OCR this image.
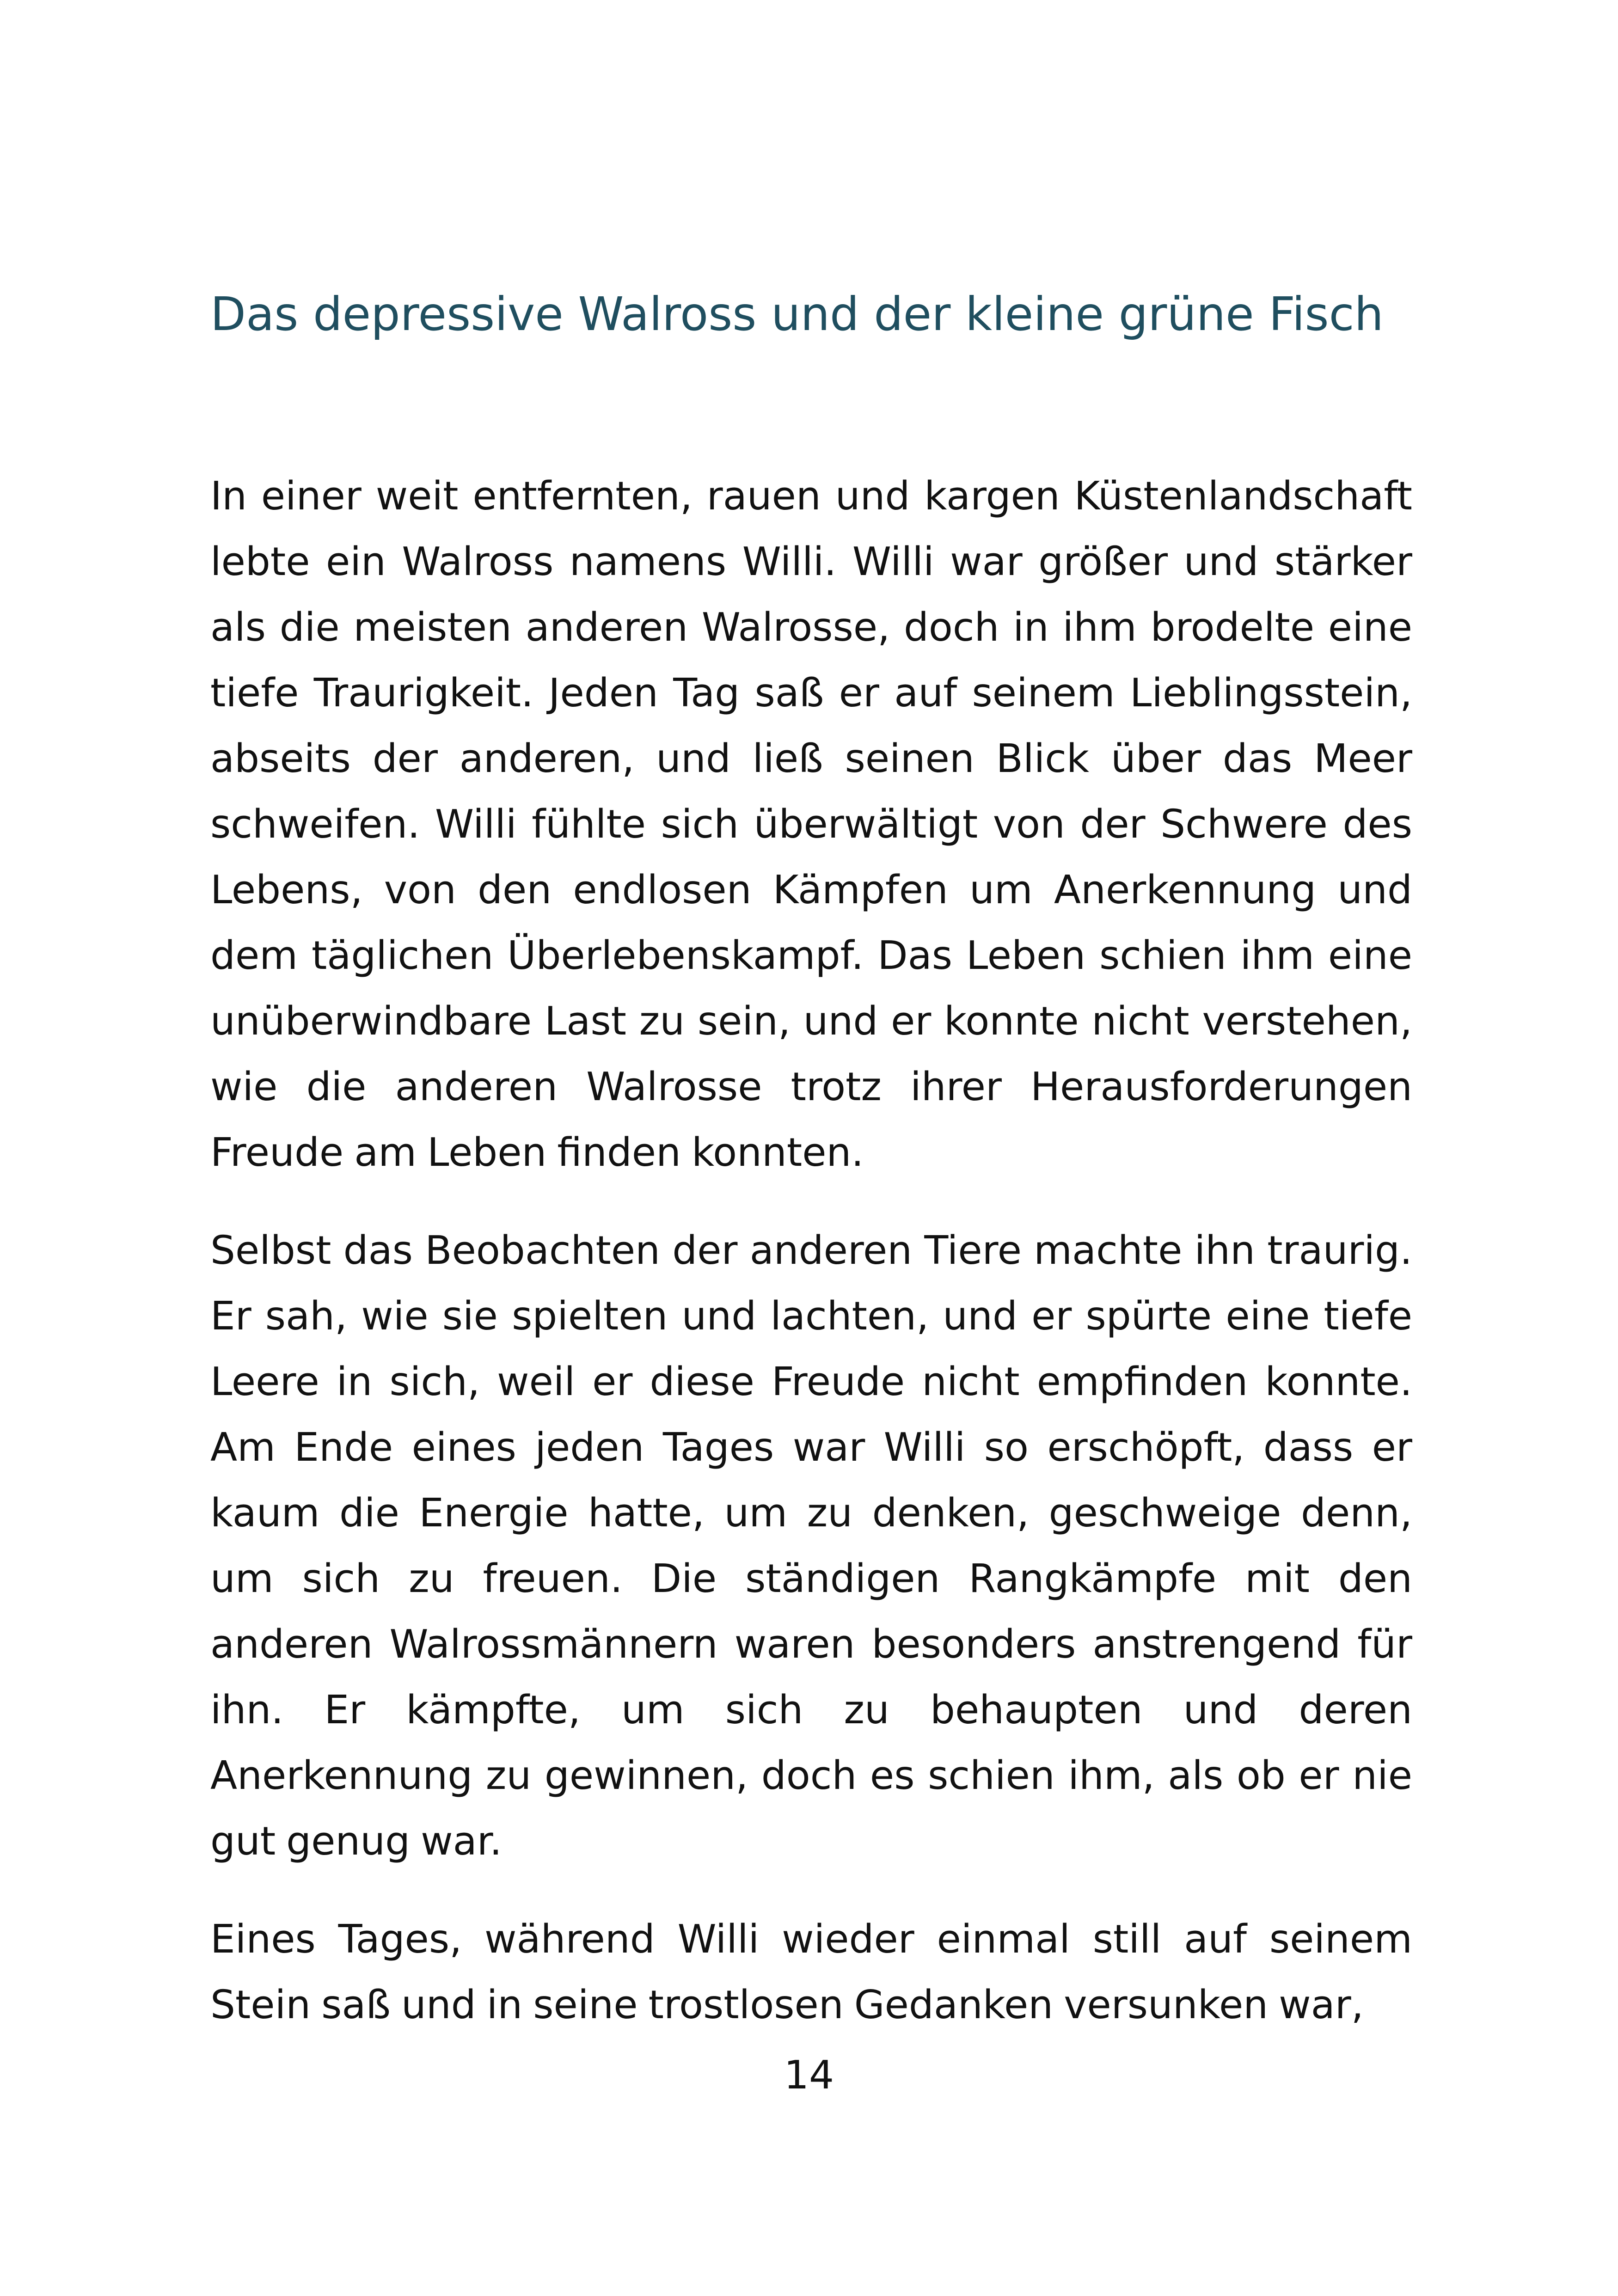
Das depressive Walross und der kleine grüne Fisch

In einer weit entfernten, rauen und kargen Küstenlandschaft lebte ein Walross namens Willi. Willi war größer und stärker als die meisten anderen Walrosse, doch in ihm brodelte eine tiefe Traurigkeit. Jeden Tag saß er auf seinem Lieblingsstein, abseits der anderen, und ließ seinen Blick über das Meer schweifen. Willi fühlte sich überwältigt von der Schwere des Lebens, von den endlosen Kämpfen um Anerkennung und dem täglichen Überlebenskampf. Das Leben schien ihm eine unüberwindbare Last zu sein, und er konnte nicht verstehen, wie die anderen Walrosse trotz ihrer Herausforderungen Freude am Leben finden konnten.

Selbst das Beobachten der anderen Tiere machte ihn traurig. Er sah, wie sie spielten und lachten, und er spürte eine tiefe Leere in sich, weil er diese Freude nicht empfinden konnte. Am Ende eines jeden Tages war Willi so erschöpft, dass er kaum die Energie hatte, um zu denken, geschweige denn, um sich zu freuen. Die ständigen Rangkämpfe mit den anderen Walrossmännern waren besonders anstrengend für ihn. Er kämpfte, um sich zu behaupten und deren Anerkennung zu gewinnen, doch es schien ihm, als ob er nie gut genug war.

Eines Tages, während Willi wieder einmal still auf seinem Stein saß und in seine trostlosen Gedanken versunken war,

14
